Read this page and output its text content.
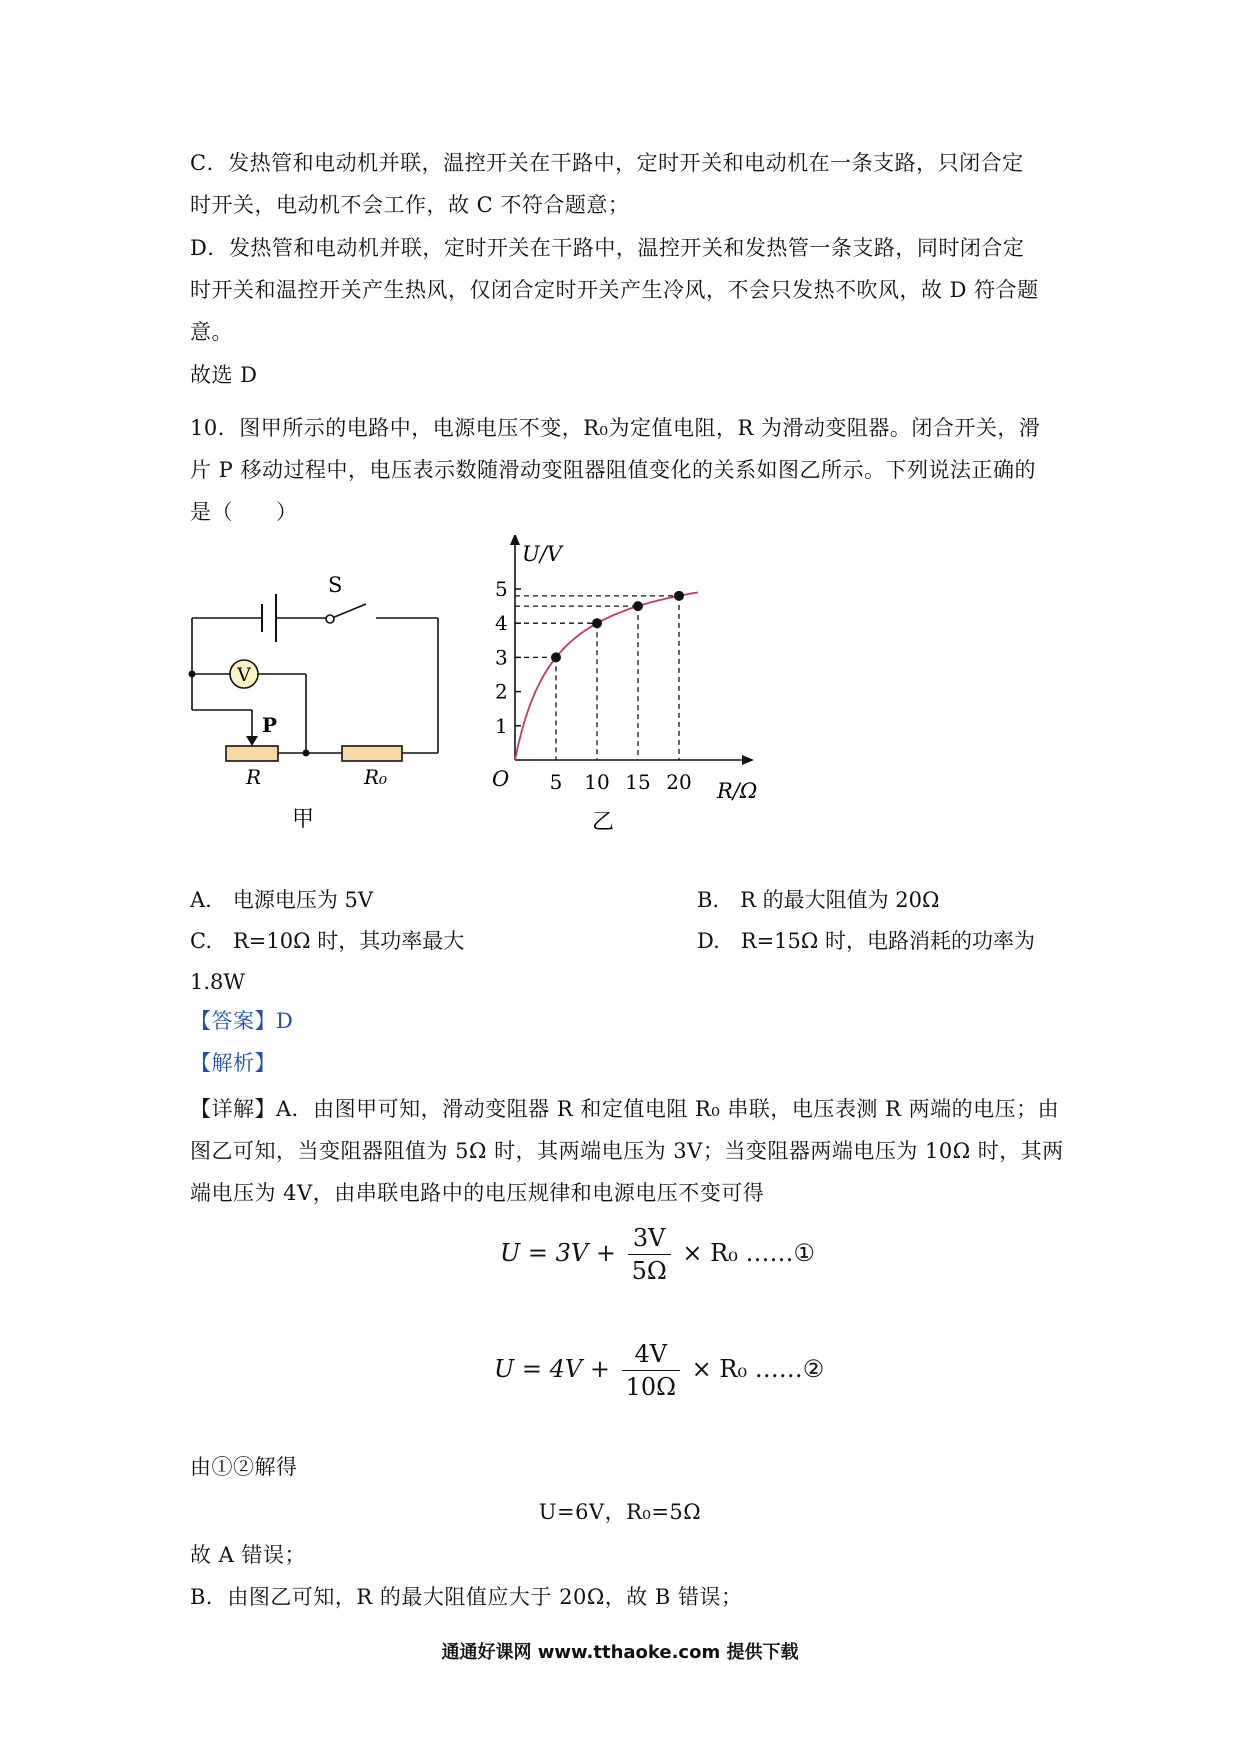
C．发热管和电动机并联，温控开关在干路中，定时开关和电动机在一条支路，只闭合定
时开关，电动机不会工作，故 C 不符合题意；
D．发热管和电动机并联，定时开关在干路中，温控开关和发热管一条支路，同时闭合定
时开关和温控开关产生热风，仅闭合定时开关产生冷风，不会只发热不吹风，故 D 符合题
意。
故选 D
10．图甲所示的电路中，电源电压不变，R₀为定值电阻，R 为滑动变阻器。闭合开关，滑
片 P 移动过程中，电压表示数随滑动变阻器阻值变化的关系如图乙所示。下列说法正确的
是（　　）
V
S
P
R	R₀
甲
U/V
R/Ω
O
乙
1
2
3
4
5
5 10 15 20
A.　电源电压为 5V	B.　R 的最大阻值为 20Ω
C.　R=10Ω 时，其功率最大	D.　R=15Ω 时，电路消耗的功率为
1.8W
【答案】D
【解析】
【详解】A．由图甲可知，滑动变阻器 R 和定值电阻 R₀ 串联，电压表测 R 两端的电压；由
图乙可知，当变阻器阻值为 5Ω 时，其两端电压为 3V；当变阻器两端电压为 10Ω 时，其两
端电压为 4V，由串联电路中的电压规律和电源电压不变可得
$U = 3V + \frac{3V}{5\Omega} \times R_0$ ……①
$U = 4V + \frac{4V}{10\Omega} \times R_0$ ……②
由①②解得
U=6V，R₀=5Ω
故 A 错误；
B．由图乙可知，R 的最大阻值应大于 20Ω，故 B 错误；
通通好课网 www.tthaoke.com 提供下载
